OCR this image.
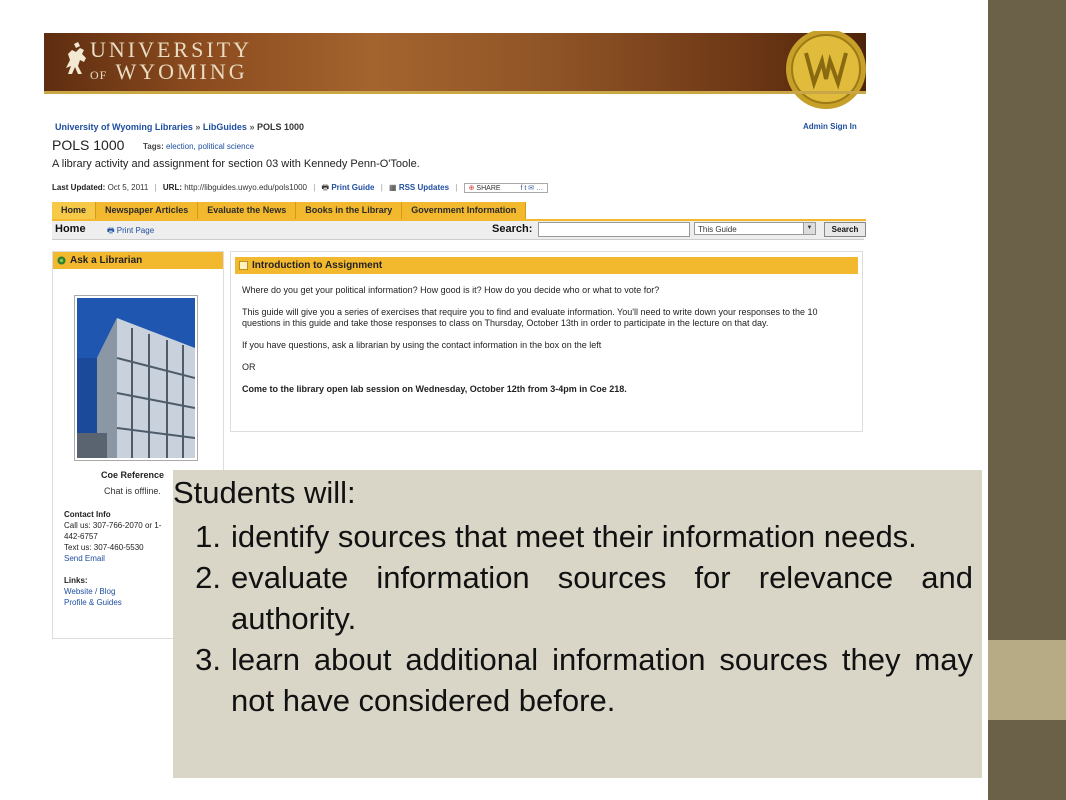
UNIVERSITY
OF WYOMING
University of Wyoming Libraries » LibGuides » POLS 1000	Admin Sign In
POLS 1000 Tags: election, political science
A library activity and assignment for section 03 with Kennedy Penn-O'Toole.
Last Updated: Oct 5, 2011 | URL: http://libguides.uwyo.edu/pols1000 | 🖶 Print Guide | ▦ RSS Updates | ⊕ SHARE	f t ✉ …
Home	Newspaper Articles	Evaluate the News	Books in the Library	Government Information
Home	🖶 Print Page	Search:	This Guide	▼	Search
Ask a Librarian
Coe Reference
Chat is offline.
Contact Info
Call us: 307-766-2070 or 1-
442-6757
Text us: 307-460-5530
Send Email

Links:
Website / Blog
Profile & Guides
Introduction to Assignment

Where do you get your political information? How good is it? How do you decide who or what to vote for?

This guide will give you a series of exercises that require you to find and evaluate information. You'll need to write down your responses to the 10 questions in this guide and take those responses to class on Thursday, October 13th in order to participate in the lecture on that day.

If you have questions, ask a librarian by using the contact information in the box on the left

OR

Come to the library open lab session on Wednesday, October 12th from 3-4pm in Coe 218.

Students will:
1. identify sources that meet their information needs.
2. evaluate information sources for relevance and authority.
3. learn about additional information sources they may not have considered before.
